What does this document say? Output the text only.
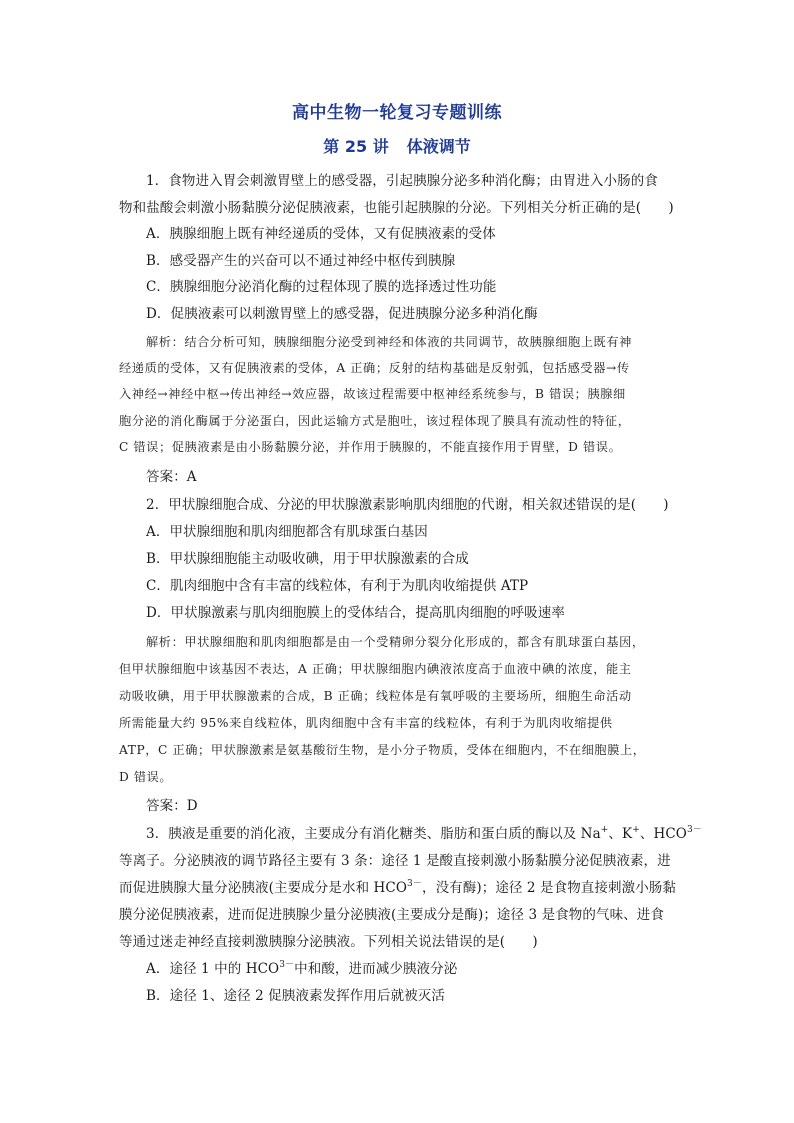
高中生物一轮复习专题训练
第 25 讲 体液调节
1．食物进入胃会刺激胃壁上的感受器，引起胰腺分泌多种消化酶；由胃进入小肠的食
物和盐酸会刺激小肠黏膜分泌促胰液素，也能引起胰腺的分泌。下列相关分析正确的是(　　)
A．胰腺细胞上既有神经递质的受体，又有促胰液素的受体
B．感受器产生的兴奋可以不通过神经中枢传到胰腺
C．胰腺细胞分泌消化酶的过程体现了膜的选择透过性功能
D．促胰液素可以刺激胃壁上的感受器，促进胰腺分泌多种消化酶
解析：结合分析可知，胰腺细胞分泌受到神经和体液的共同调节，故胰腺细胞上既有神
经递质的受体，又有促胰液素的受体，A 正确；反射的结构基础是反射弧，包括感受器→传
入神经→神经中枢→传出神经→效应器，故该过程需要中枢神经系统参与，B 错误；胰腺细
胞分泌的消化酶属于分泌蛋白，因此运输方式是胞吐，该过程体现了膜具有流动性的特征，
C 错误；促胰液素是由小肠黏膜分泌，并作用于胰腺的，不能直接作用于胃壁，D 错误。
答案：A
2．甲状腺细胞合成、分泌的甲状腺激素影响肌肉细胞的代谢，相关叙述错误的是(　　)
A．甲状腺细胞和肌肉细胞都含有肌球蛋白基因
B．甲状腺细胞能主动吸收碘，用于甲状腺激素的合成
C．肌肉细胞中含有丰富的线粒体，有利于为肌肉收缩提供 ATP
D．甲状腺激素与肌肉细胞膜上的受体结合，提高肌肉细胞的呼吸速率
解析：甲状腺细胞和肌肉细胞都是由一个受精卵分裂分化形成的，都含有肌球蛋白基因，
但甲状腺细胞中该基因不表达，A 正确；甲状腺细胞内碘液浓度高于血液中碘的浓度，能主
动吸收碘，用于甲状腺激素的合成，B 正确；线粒体是有氧呼吸的主要场所，细胞生命活动
所需能量大约 95%来自线粒体，肌肉细胞中含有丰富的线粒体，有利于为肌肉收缩提供
ATP，C 正确；甲状腺激素是氨基酸衍生物，是小分子物质，受体在细胞内，不在细胞膜上，
D 错误。
答案：D
3．胰液是重要的消化液，主要成分有消化糖类、脂肪和蛋白质的酶以及 Na+、K+、$HCO^{3-}$
等离子。分泌胰液的调节路径主要有 3 条：途径 1 是酸直接刺激小肠黏膜分泌促胰液素，进
而促进胰腺大量分泌胰液(主要成分是水和 $HCO^{3-}$，没有酶)；途径 2 是食物直接刺激小肠黏
膜分泌促胰液素，进而促进胰腺少量分泌胰液(主要成分是酶)；途径 3 是食物的气味、进食
等通过迷走神经直接刺激胰腺分泌胰液。下列相关说法错误的是(　　)
A．途径 1 中的 $HCO^{3-}$中和酸，进而减少胰液分泌
B．途径 1、途径 2 促胰液素发挥作用后就被灭活
